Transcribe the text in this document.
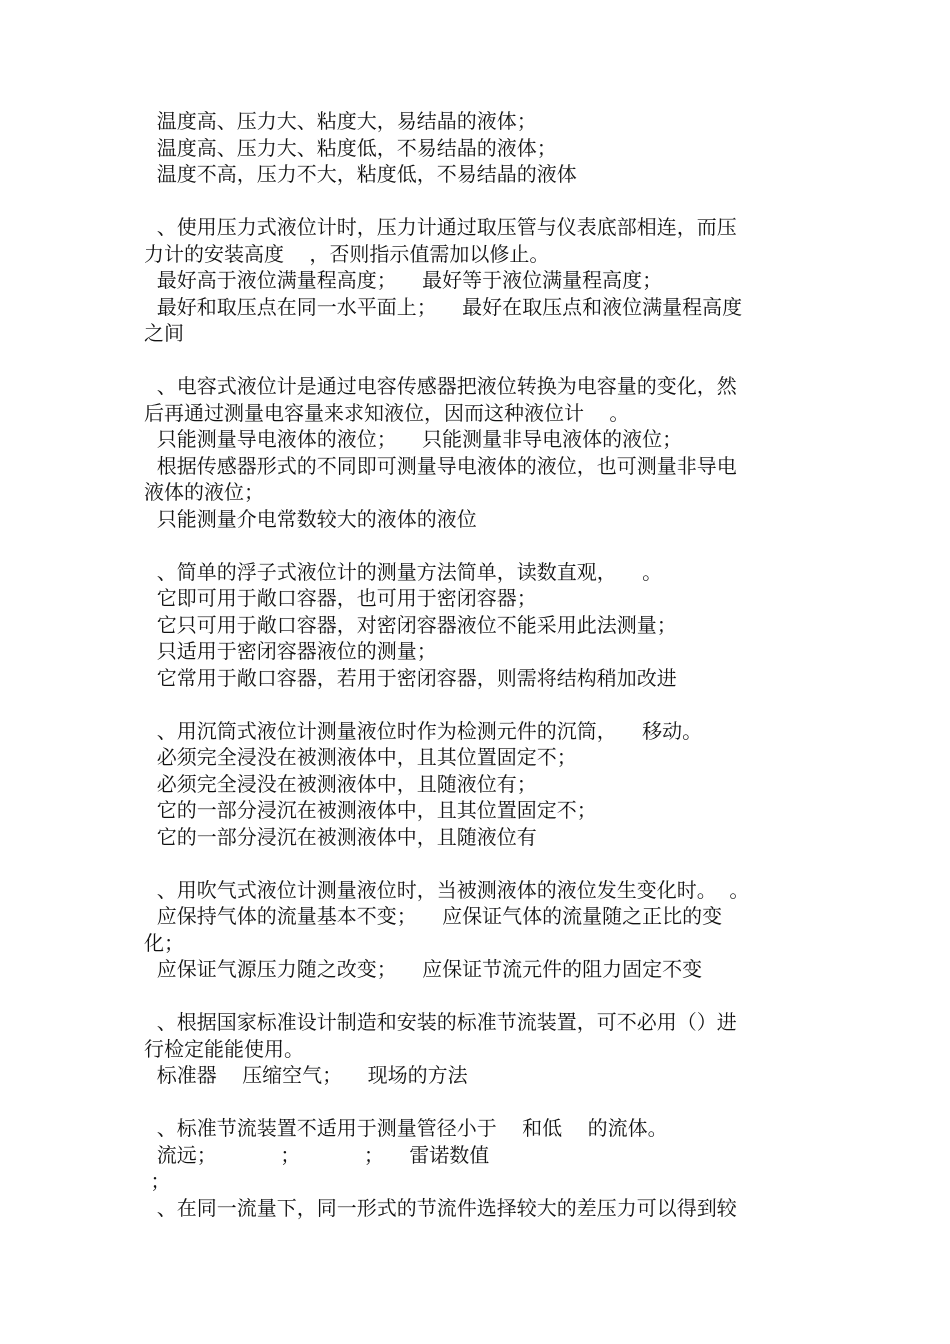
温度高、压力大、粘度大，易结晶的液体；

温度高、压力大、粘度低，不易结晶的液体；

温度不高，压力不大，粘度低，不易结晶的液体

、使用压力式液位计时，压力计通过取压管与仪表底部相连，而压

力计的安装高度    ，否则指示值需加以修止。

最好高于液位满量程高度；    最好等于液位满量程高度；

最好和取压点在同一水平面上；    最好在取压点和液位满量程高度

之间

、电容式液位计是通过电容传感器把液位转换为电容量的变化，然

后再通过测量电容量来求知液位，因而这种液位计    。

只能测量导电液体的液位；    只能测量非导电液体的液位；

根据传感器形式的不同即可测量导电液体的液位，也可测量非导电

液体的液位；

只能测量介电常数较大的液体的液位

、简单的浮子式液位计的测量方法简单，读数直观，    。

它即可用于敞口容器，也可用于密闭容器；

它只可用于敞口容器，对密闭容器液位不能采用此法测量；

只适用于密闭容器液位的测量；

它常用于敞口容器，若用于密闭容器，则需将结构稍加改进

、用沉筒式液位计测量液位时作为检测元件的沉筒，    移动。

必须完全浸没在被测液体中，且其位置固定不；

必须完全浸没在被测液体中，且随液位有；

它的一部分浸沉在被测液体中，且其位置固定不；

它的一部分浸沉在被测液体中，且随液位有

、用吹气式液位计测量液位时，当被测液体的液位发生变化时。  。

应保持气体的流量基本不变；    应保证气体的流量随之正比的变

化；

应保证气源压力随之改变；    应保证节流元件的阻力固定不变

、根据国家标准设计制造和安装的标准节流装置，可不必用（）进

行检定能能使用。

标准器    压缩空气；    现场的方法

、标准节流装置不适用于测量管径小于    和低    的流体。

流远；          ；          ；    雷诺数值

；

、在同一流量下，同一形式的节流件选择较大的差压力可以得到较
